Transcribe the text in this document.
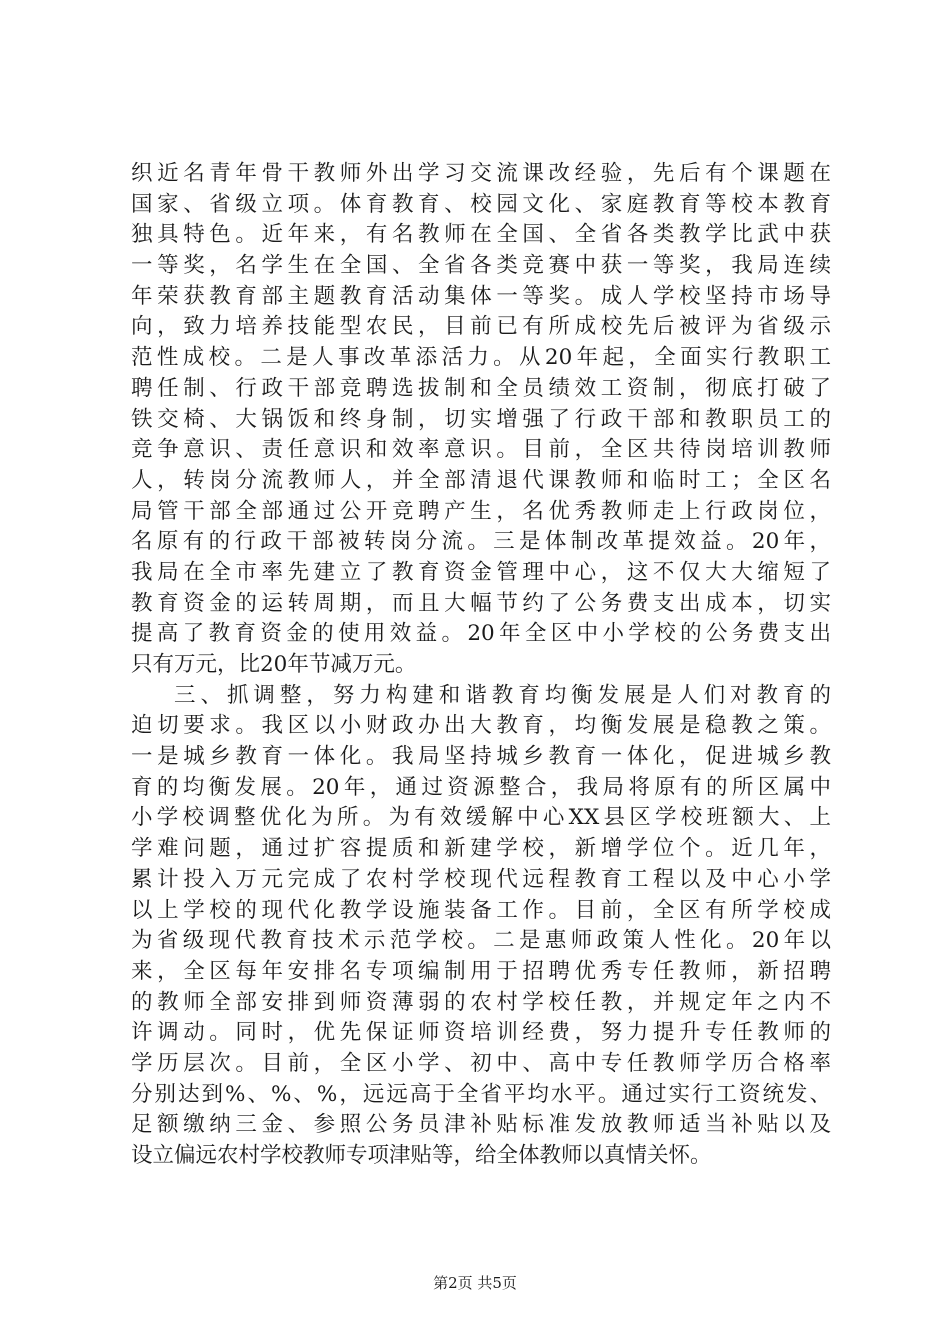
织近名青年骨干教师外出学习交流课改经验，先后有个课题在
国家、省级立项。体育教育、校园文化、家庭教育等校本教育
独具特色。近年来，有名教师在全国、全省各类教学比武中获
一等奖，名学生在全国、全省各类竞赛中获一等奖，我局连续
年荣获教育部主题教育活动集体一等奖。成人学校坚持市场导
向，致力培养技能型农民，目前已有所成校先后被评为省级示
范性成校。二是人事改革添活力。从20年起，全面实行教职工
聘任制、行政干部竞聘选拔制和全员绩效工资制，彻底打破了
铁交椅、大锅饭和终身制，切实增强了行政干部和教职员工的
竞争意识、责任意识和效率意识。目前，全区共待岗培训教师
人，转岗分流教师人，并全部清退代课教师和临时工；全区名
局管干部全部通过公开竞聘产生，名优秀教师走上行政岗位，
名原有的行政干部被转岗分流。三是体制改革提效益。20年，
我局在全市率先建立了教育资金管理中心，这不仅大大缩短了
教育资金的运转周期，而且大幅节约了公务费支出成本，切实
提高了教育资金的使用效益。20年全区中小学校的公务费支出
只有万元，比20年节减万元。
三、抓调整，努力构建和谐教育均衡发展是人们对教育的
迫切要求。我区以小财政办出大教育，均衡发展是稳教之策。
一是城乡教育一体化。我局坚持城乡教育一体化，促进城乡教
育的均衡发展。20年，通过资源整合，我局将原有的所区属中
小学校调整优化为所。为有效缓解中心XX县区学校班额大、上
学难问题，通过扩容提质和新建学校，新增学位个。近几年，
累计投入万元完成了农村学校现代远程教育工程以及中心小学
以上学校的现代化教学设施装备工作。目前，全区有所学校成
为省级现代教育技术示范学校。二是惠师政策人性化。20年以
来，全区每年安排名专项编制用于招聘优秀专任教师，新招聘
的教师全部安排到师资薄弱的农村学校任教，并规定年之内不
许调动。同时，优先保证师资培训经费，努力提升专任教师的
学历层次。目前，全区小学、初中、高中专任教师学历合格率
分别达到%、%、%，远远高于全省平均水平。通过实行工资统发、
足额缴纳三金、参照公务员津补贴标准发放教师适当补贴以及
设立偏远农村学校教师专项津贴等，给全体教师以真情关怀。
第2页 共5页
